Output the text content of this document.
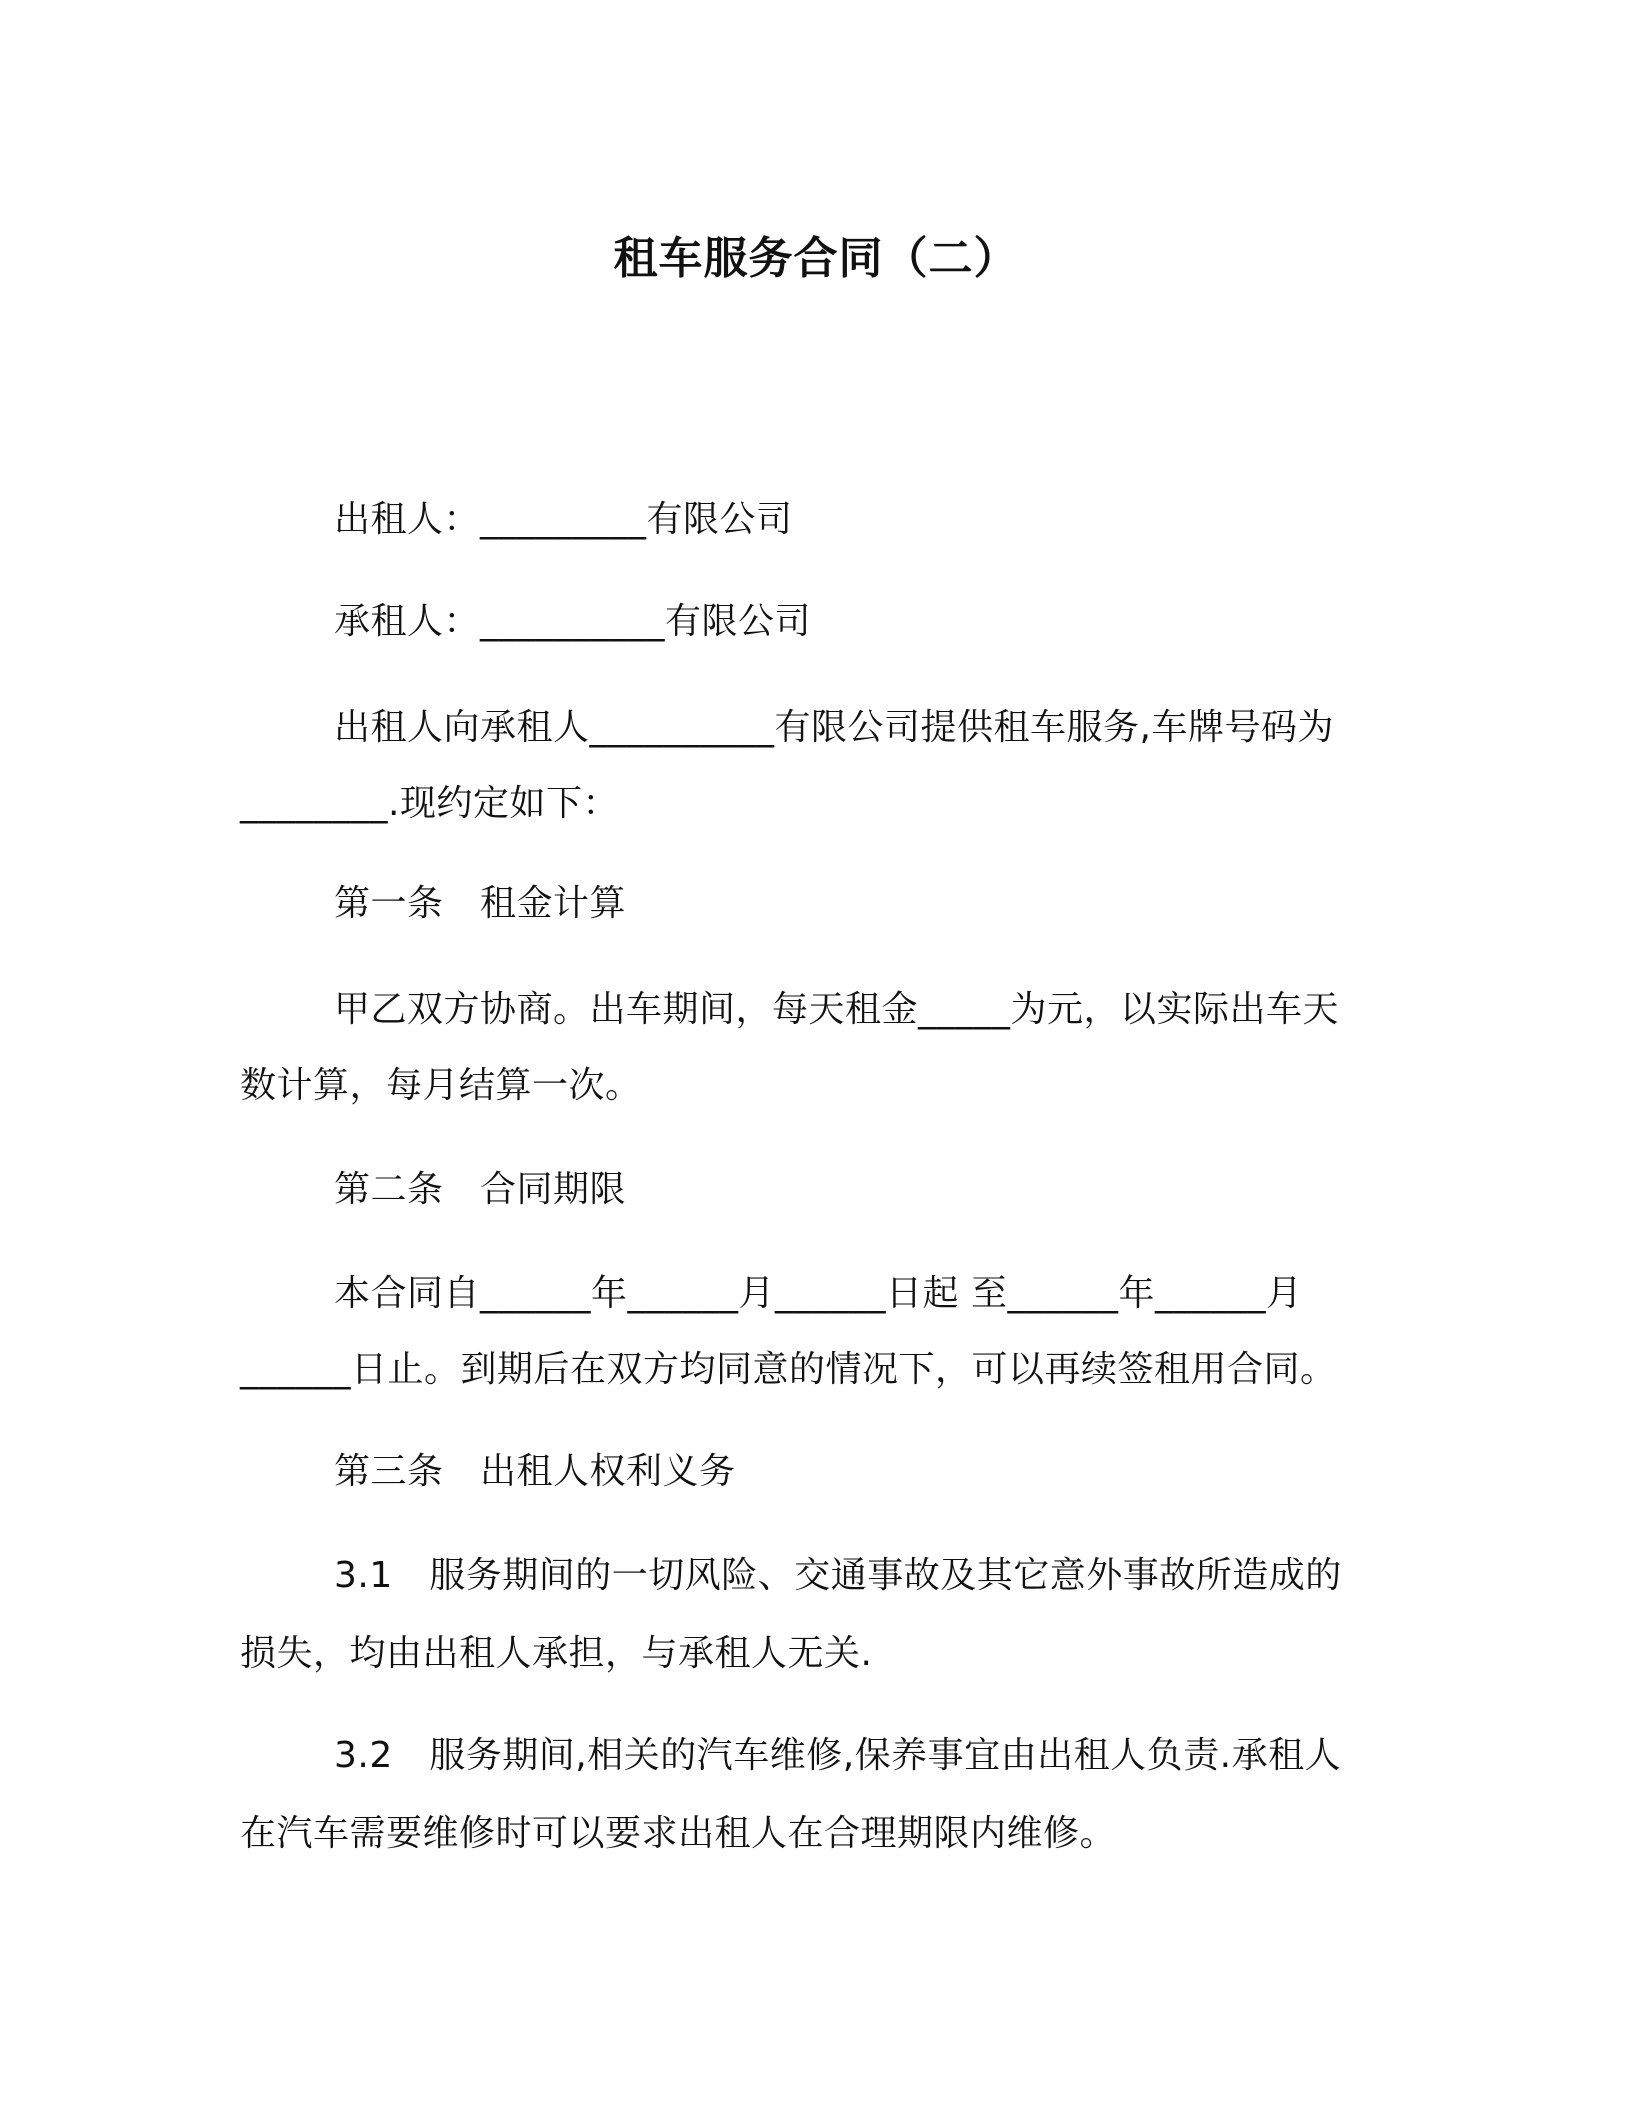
租车服务合同（二）
出租人：_________有限公司
承租人：__________有限公司
出租人向承租人__________有限公司提供租车服务,车牌号码为
________.现约定如下：
第一条　租金计算
甲乙双方协商。出车期间，每天租金_____为元，以实际出车天
数计算，每月结算一次。
第二条　合同期限
本合同自______年______月______日起 至______年______月
______日止。到期后在双方均同意的情况下，可以再续签租用合同。
第三条　出租人权利义务
3.1　服务期间的一切风险、交通事故及其它意外事故所造成的
损失，均由出租人承担，与承租人无关.
3.2　服务期间,相关的汽车维修,保养事宜由出租人负责.承租人
在汽车需要维修时可以要求出租人在合理期限内维修。
